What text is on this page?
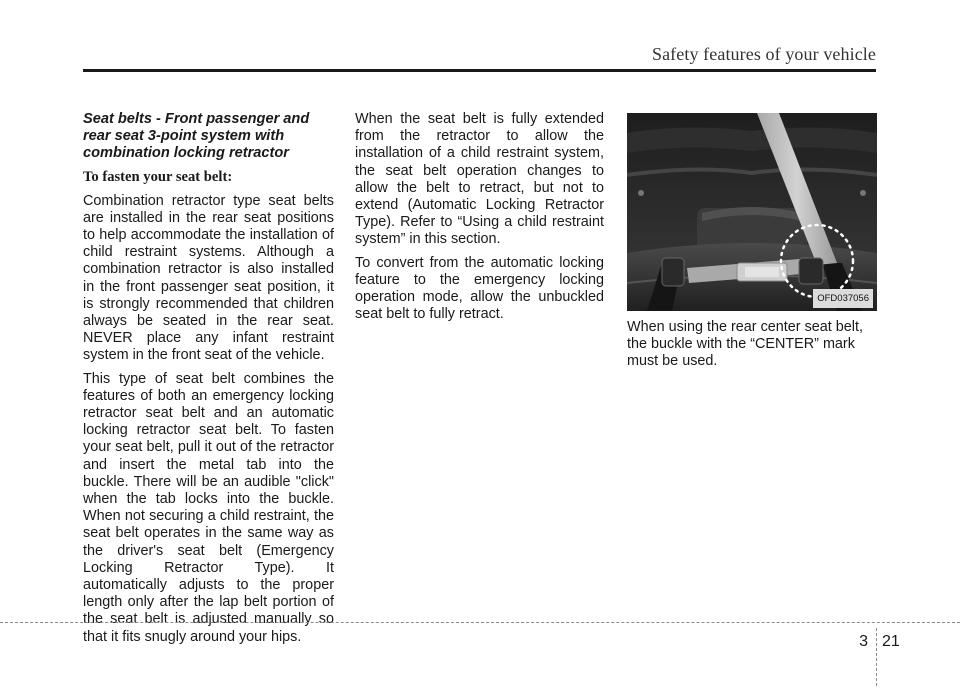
Safety features of your vehicle
Seat belts - Front passenger and rear seat 3-point system with combination locking retractor
To fasten your seat belt:

Combination retractor type seat belts are installed in the rear seat positions to help accommodate the installation of child restraint systems. Although a combination retractor is also installed in the front passenger seat position, it is strongly recommended that children always be seated in the rear seat. NEVER place any infant restraint system in the front seat of the vehicle.

This type of seat belt combines the features of both an emergency locking retractor seat belt and an automatic locking retractor seat belt. To fasten your seat belt, pull it out of the retractor and insert the metal tab into the buckle. There will be an audible "click" when the tab locks into the buckle. When not securing a child restraint, the seat belt operates in the same way as the driver's seat belt (Emergency Locking Retractor Type). It automatically adjusts to the proper length only after the lap belt portion of the seat belt is adjusted manually so that it fits snugly around your hips.

When the seat belt is fully extended from the retractor to allow the installation of a child restraint system, the seat belt operation changes to allow the belt to retract, but not to extend (Automatic Locking Retractor Type). Refer to “Using a child restraint system” in this section.

To convert from the automatic locking feature to the emergency locking operation mode, allow the unbuckled seat belt to fully retract.

OFD037056

When using the rear center seat belt, the buckle with the “CENTER” mark must be used.

3 21
